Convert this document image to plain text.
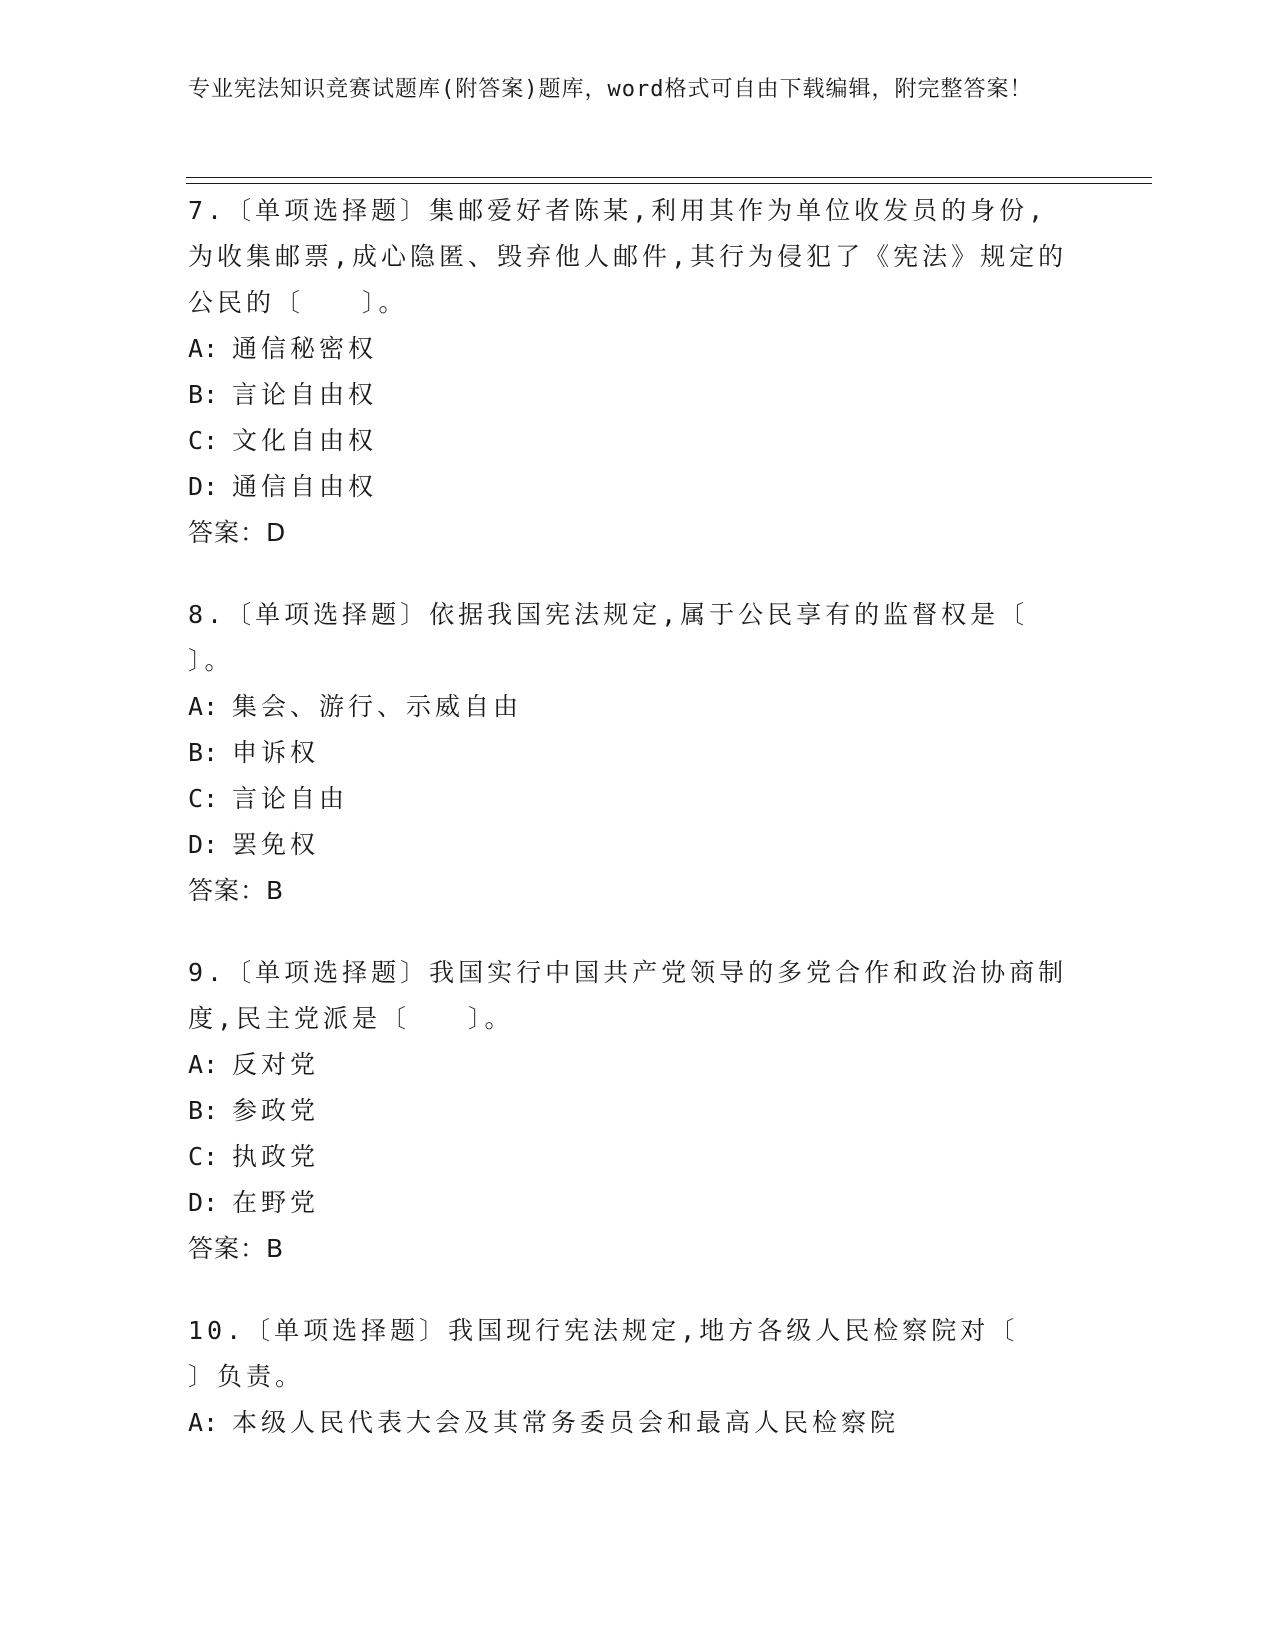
专业宪法知识竞赛试题库(附答案)题库，word格式可自由下载编辑，附完整答案！
7.〔单项选择题〕集邮爱好者陈某,利用其作为单位收发员的身份,为收集邮票,成心隐匿、毁弃他人邮件,其行为侵犯了《宪法》规定的公民的〔　　〕。
A: 通信秘密权
B: 言论自由权
C: 文化自由权
D: 通信自由权
答案：D
8.〔单项选择题〕依据我国宪法规定,属于公民享有的监督权是〔　　〕。
A: 集会、游行、示威自由
B: 申诉权
C: 言论自由
D: 罢免权
答案：B
9.〔单项选择题〕我国实行中国共产党领导的多党合作和政治协商制度,民主党派是〔　　〕。
A: 反对党
B: 参政党
C: 执政党
D: 在野党
答案：B
10.〔单项选择题〕我国现行宪法规定,地方各级人民检察院对〔　　〕负责。
A: 本级人民代表大会及其常务委员会和最高人民检察院
